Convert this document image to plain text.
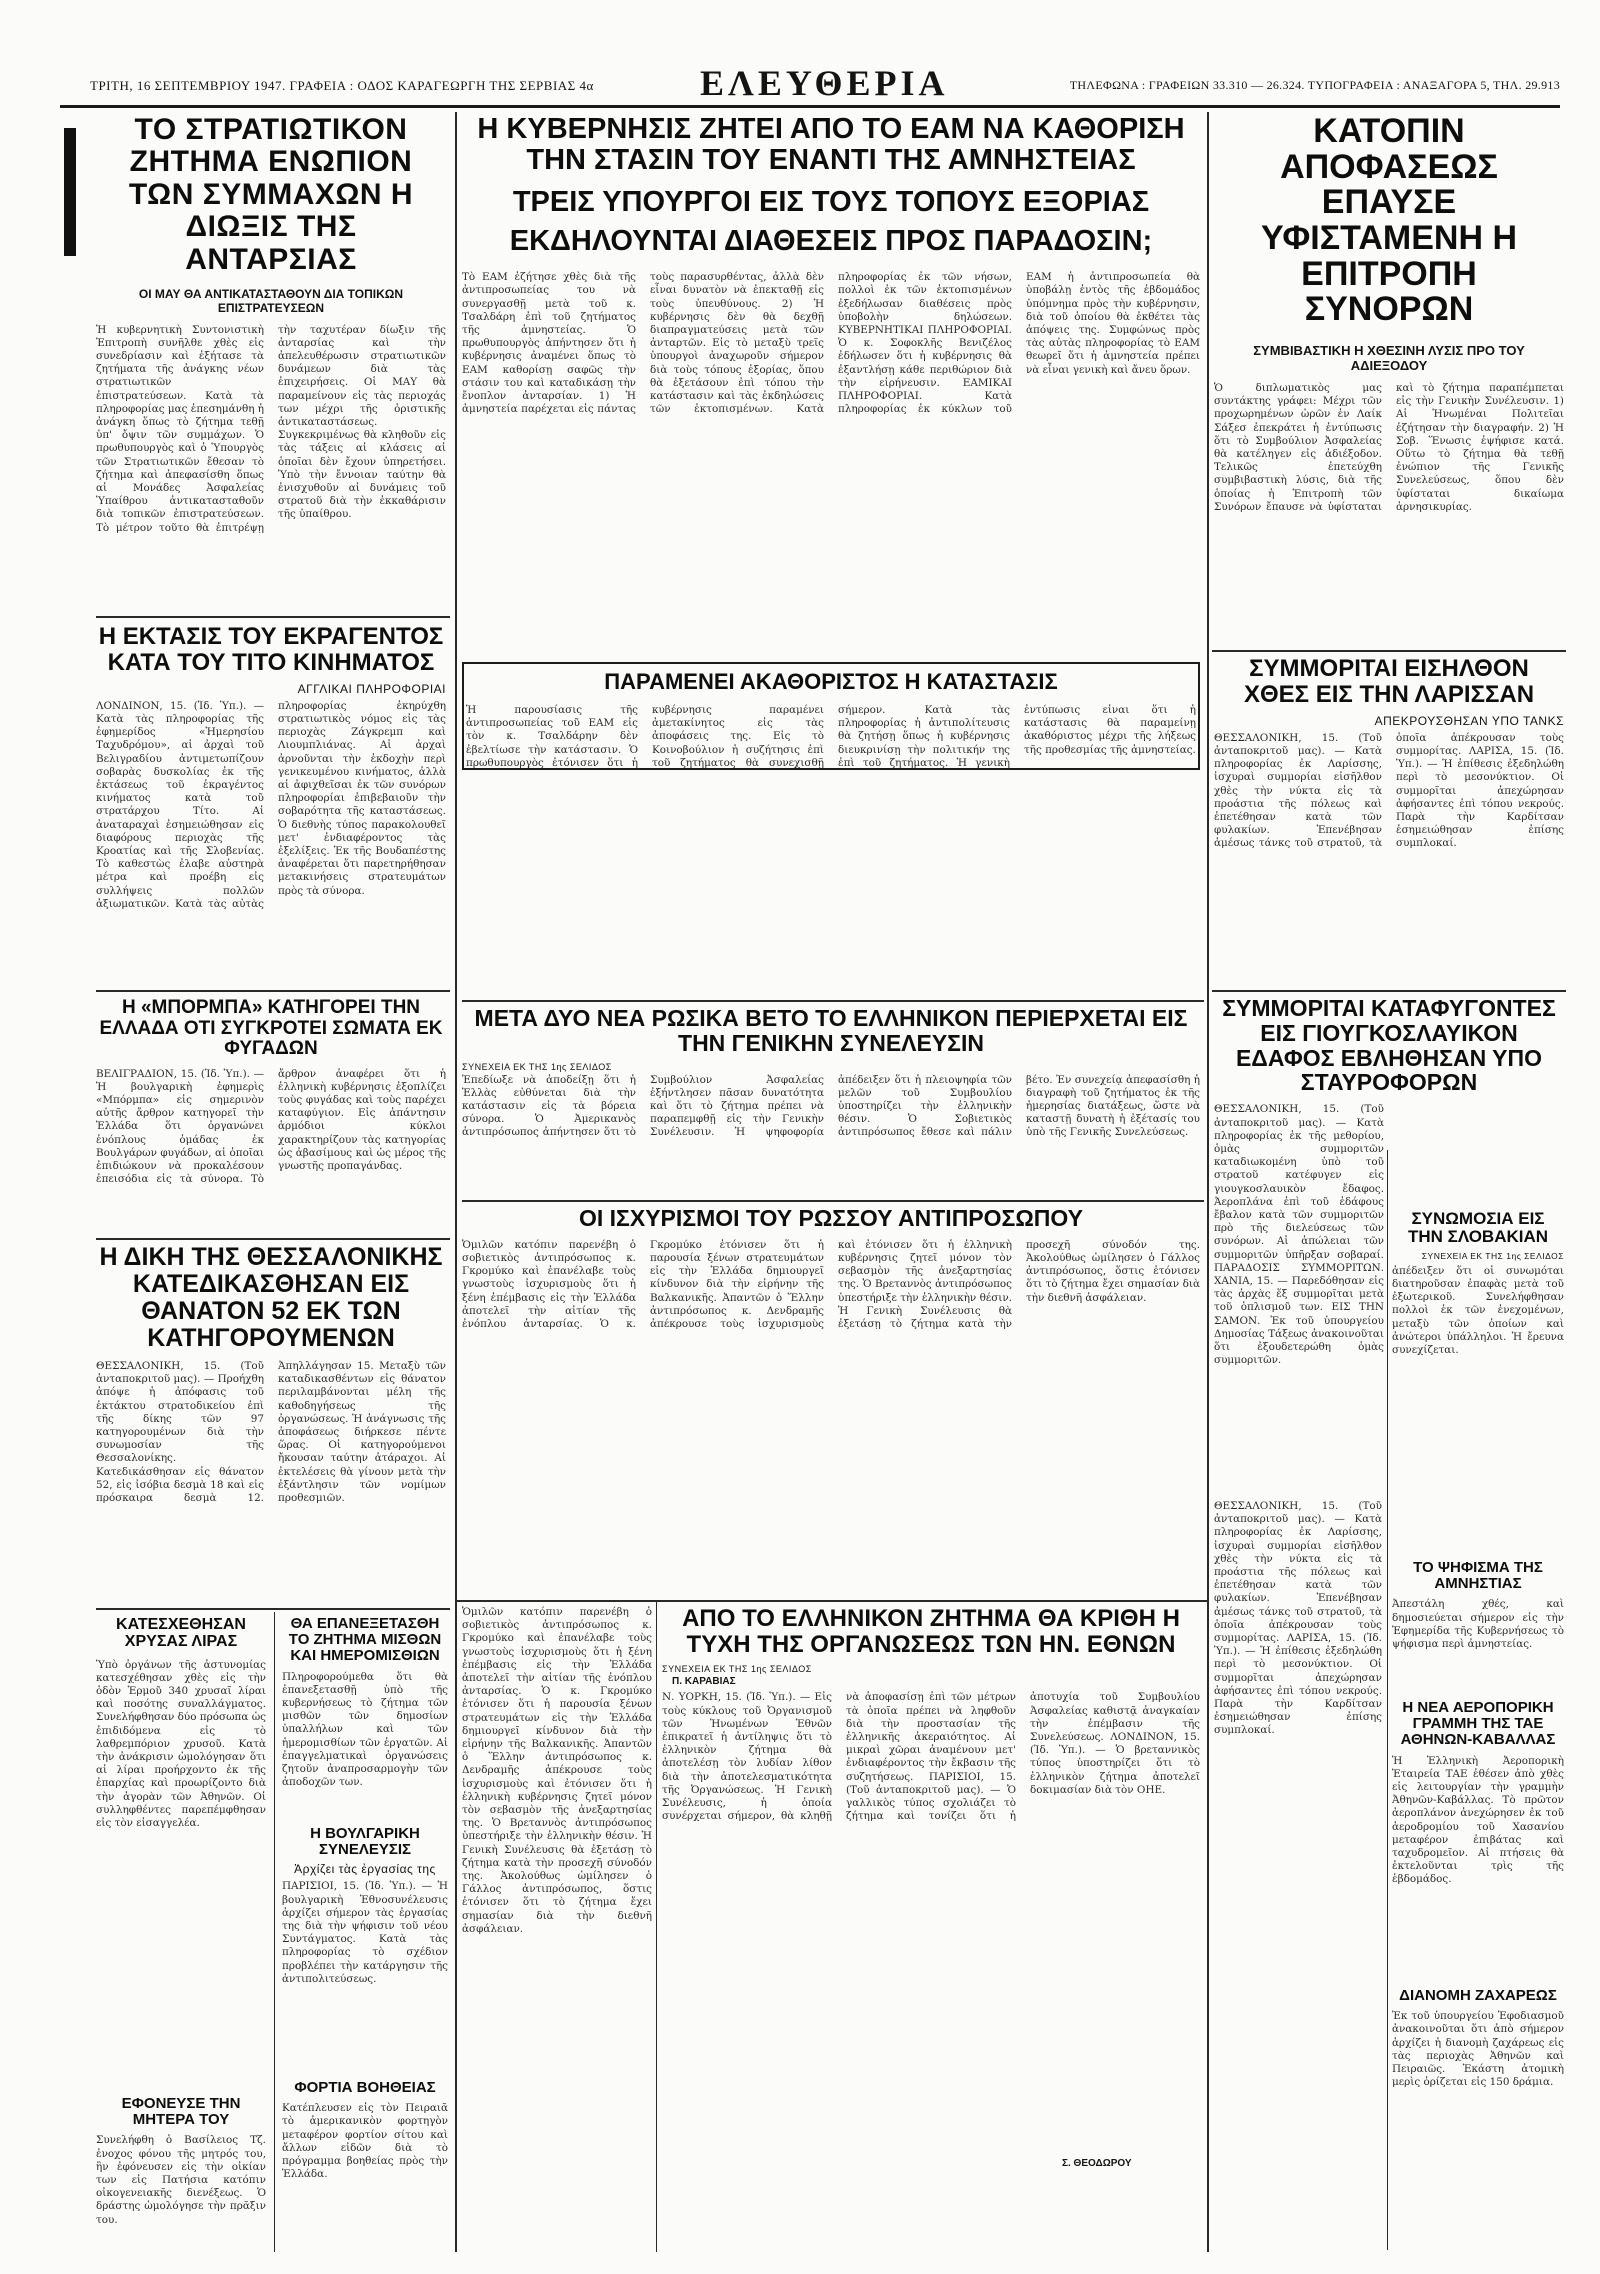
ΤΡΙΤΗ, 16 ΣΕΠΤΕΜΒΡΙΟΥ 1947. ΓΡΑΦΕΙΑ : ΟΔΟΣ ΚΑΡΑΓΕΩΡΓΗ ΤΗΣ ΣΕΡΒΙΑΣ 4α	ΕΛΕΥΘΕΡΙΑ	ΤΗΛΕΦΩΝΑ : ΓΡΑΦΕΙΩΝ 33.310 — 26.324. ΤΥΠΟΓΡΑΦΕΙΑ : ΑΝΑΞΑΓΟΡΑ 5, ΤΗΛ. 29.913
ΤΟ ΣΤΡΑΤΙΩΤΙΚΟΝ ΖΗΤΗΜΑ ΕΝΩΠΙΟΝ ΤΩΝ ΣΥΜΜΑΧΩΝ Η ΔΙΩΞΙΣ ΤΗΣ ΑΝΤΑΡΣΙΑΣ
ΟΙ ΜΑΥ ΘΑ ΑΝΤΙΚΑΤΑΣΤΑΘΟΥΝ ΔΙΑ ΤΟΠΙΚΩΝ ΕΠΙΣΤΡΑΤΕΥΣΕΩΝ
Ἡ κυβερνητικὴ Συντονιστικὴ Ἐπιτροπὴ συνῆλθε χθὲς εἰς συνεδρίασιν καὶ ἐξήτασε τὰ ζητήματα τῆς ἀνάγκης νέων στρατιωτικῶν ἐπιστρατεύσεων. Κατὰ τὰ πληροφορίας μας ἐπεσημάνθη ἡ ἀνάγκη ὅπως τὸ ζήτημα τεθῇ ὑπ' ὄψιν τῶν συμμάχων. Ὁ πρωθυπουργὸς καὶ ὁ Ὑπουργὸς τῶν Στρατιωτικῶν ἔθεσαν τὸ ζήτημα καὶ ἀπεφασίσθη ὅπως αἱ Μονάδες Ἀσφαλείας Ὑπαίθρου ἀντικατασταθοῦν διὰ τοπικῶν ἐπιστρατεύσεων. Τὸ μέτρον τοῦτο θὰ ἐπιτρέψῃ τὴν ταχυτέραν δίωξιν τῆς ἀνταρσίας καὶ τὴν ἀπελευθέρωσιν στρατιωτικῶν δυνάμεων διὰ τὰς ἐπιχειρήσεις. Οἱ ΜΑΥ θὰ παραμείνουν εἰς τὰς περιοχάς των μέχρι τῆς ὁριστικῆς ἀντικαταστάσεως. Συγκεκριμένως θὰ κληθοῦν εἰς τὰς τάξεις αἱ κλάσεις αἱ ὁποῖαι δὲν ἔχουν ὑπηρετήσει. Ὑπὸ τὴν ἔννοιαν ταύτην θὰ ἐνισχυθοῦν αἱ δυνάμεις τοῦ στρατοῦ διὰ τὴν ἐκκαθάρισιν τῆς ὑπαίθρου.
Η ΕΚΤΑΣΙΣ ΤΟΥ ΕΚΡΑΓΕΝΤΟΣ ΚΑΤΑ ΤΟΥ ΤΙΤΟ ΚΙΝΗΜΑΤΟΣ
ΑΓΓΛΙΚΑΙ ΠΛΗΡΟΦΟΡΙΑΙ
ΛΟΝΔΙΝΟΝ, 15. (Ἰδ. Ὑπ.). — Κατὰ τὰς πληροφορίας τῆς ἐφημερίδος «Ἡμερησίου Ταχυδρόμου», αἱ ἀρχαὶ τοῦ Βελιγραδίου ἀντιμετωπίζουν σοβαρὰς δυσκολίας ἐκ τῆς ἐκτάσεως τοῦ ἐκραγέντος κινήματος κατὰ τοῦ στρατάρχου Τίτο. Αἱ ἀναταραχαὶ ἐσημειώθησαν εἰς διαφόρους περιοχὰς τῆς Κροατίας καὶ τῆς Σλοβενίας. Τὸ καθεστὼς ἐλαβε αὐστηρὰ μέτρα καὶ προέβη εἰς συλλήψεις πολλῶν ἀξιωματικῶν. Κατὰ τὰς αὐτὰς πληροφορίας ἐκηρύχθη στρατιωτικὸς νόμος εἰς τὰς περιοχὰς Ζάγκρεμπ καὶ Λιουμπλιάνας. Αἱ ἀρχαὶ ἀρνοῦνται τὴν ἐκδοχὴν περὶ γενικευμένου κινήματος, ἀλλὰ αἱ ἀφιχθεῖσαι ἐκ τῶν συνόρων πληροφορίαι ἐπιβεβαιοῦν τὴν σοβαρότητα τῆς καταστάσεως. Ὁ διεθνὴς τύπος παρακολουθεῖ μετ' ἐνδιαφέροντος τὰς ἐξελίξεις. Ἐκ τῆς Βουδαπέστης ἀναφέρεται ὅτι παρετηρήθησαν μετακινήσεις στρατευμάτων πρὸς τὰ σύνορα.
Η «ΜΠΟΡΜΠΑ» ΚΑΤΗΓΟΡΕΙ ΤΗΝ ΕΛΛΑΔΑ ΟΤΙ ΣΥΓΚΡΟΤΕΙ ΣΩΜΑΤΑ ΕΚ ΦΥΓΑΔΩΝ
ΒΕΛΙΓΡΑΔΙΟΝ, 15. (Ἰδ. Ὑπ.). — Ἡ βουλγαρικὴ ἐφημερὶς «Μπόρμπα» εἰς σημερινὸν αὐτῆς ἄρθρον κατηγορεῖ τὴν Ἑλλάδα ὅτι ὀργανώνει ἐνόπλους ὁμάδας ἐκ Βουλγάρων φυγάδων, αἱ ὁποῖαι ἐπιδιώκουν νὰ προκαλέσουν ἐπεισόδια εἰς τὰ σύνορα. Τὸ ἄρθρον ἀναφέρει ὅτι ἡ ἑλληνικὴ κυβέρνησις ἐξοπλίζει τοὺς φυγάδας καὶ τοὺς παρέχει καταφύγιον. Εἰς ἀπάντησιν ἁρμόδιοι κύκλοι χαρακτηρίζουν τὰς κατηγορίας ὡς ἀβασίμους καὶ ὡς μέρος τῆς γνωστῆς προπαγάνδας.
Η ΔΙΚΗ ΤΗΣ ΘΕΣΣΑΛΟΝΙΚΗΣ ΚΑΤΕΔΙΚΑΣΘΗΣΑΝ ΕΙΣ ΘΑΝΑΤΟΝ 52 ΕΚ ΤΩΝ ΚΑΤΗΓΟΡΟΥΜΕΝΩΝ
ΘΕΣΣΑΛΟΝΙΚΗ, 15. (Τοῦ ἀνταποκριτοῦ μας). — Προήχθη ἀπόψε ἡ ἀπόφασις τοῦ ἐκτάκτου στρατοδικείου ἐπὶ τῆς δίκης τῶν 97 κατηγορουμένων διὰ τὴν συνωμοσίαν τῆς Θεσσαλονίκης. Κατεδικάσθησαν εἰς θάνατον 52, εἰς ἰσόβια δεσμὰ 18 καὶ εἰς πρόσκαιρα δεσμὰ 12. Ἀπηλλάγησαν 15. Μεταξὺ τῶν καταδικασθέντων εἰς θάνατον περιλαμβάνονται μέλη τῆς καθοδηγήσεως τῆς ὀργανώσεως. Ἡ ἀνάγνωσις τῆς ἀποφάσεως διήρκεσε πέντε ὥρας. Οἱ κατηγορούμενοι ἤκουσαν ταύτην ἀτάραχοι. Αἱ ἐκτελέσεις θὰ γίνουν μετὰ τὴν ἐξάντλησιν τῶν νομίμων προθεσμιῶν.
ΚΑΤΕΣΧΕΘΗΣΑΝ ΧΡΥΣΑΣ ΛΙΡΑΣ
Ὑπὸ ὀργάνων τῆς ἀστυνομίας κατεσχέθησαν χθὲς εἰς τὴν ὁδὸν Ἑρμοῦ 340 χρυσαῖ λίραι καὶ ποσότης συναλλάγματος. Συνελήφθησαν δύο πρόσωπα ὡς ἐπιδιδόμενα εἰς τὸ λαθρεμπόριον χρυσοῦ. Κατὰ τὴν ἀνάκρισιν ὡμολόγησαν ὅτι αἱ λίραι προήρχοντο ἐκ τῆς ἐπαρχίας καὶ προωρίζοντο διὰ τὴν ἀγορὰν τῶν Ἀθηνῶν. Οἱ συλληφθέντες παρεπέμφθησαν εἰς τὸν εἰσαγγελέα.
ΕΦΟΝΕΥΣΕ ΤΗΝ ΜΗΤΕΡΑ ΤΟΥ
Συνελήφθη ὁ Βασίλειος Τζ. ἐνοχος φόνου τῆς μητρός του, ἣν ἐφόνευσεν εἰς τὴν οἰκίαν των εἰς Πατήσια κατόπιν οἰκογενειακῆς διενέξεως. Ὁ δράστης ὡμολόγησε τὴν πρᾶξιν του.
ΘΑ ΕΠΑΝΕΞΕΤΑΣΘΗ ΤΟ ΖΗΤΗΜΑ ΜΙΣΘΩΝ ΚΑΙ ΗΜΕΡΟΜΙΣΘΙΩΝ
Πληροφορούμεθα ὅτι θὰ ἐπανεξετασθῇ ὑπὸ τῆς κυβερνήσεως τὸ ζήτημα τῶν μισθῶν τῶν δημοσίων ὑπαλλήλων καὶ τῶν ἡμερομισθίων τῶν ἐργατῶν. Αἱ ἐπαγγελματικαὶ ὀργανώσεις ζητοῦν ἀναπροσαρμογὴν τῶν ἀποδοχῶν των.
Η ΒΟΥΛΓΑΡΙΚΗ ΣΥΝΕΛΕΥΣΙΣ
Ἀρχίζει τὰς ἐργασίας της
ΠΑΡΙΣΙΟΙ, 15. (Ἰδ. Ὑπ.). — Ἡ βουλγαρικὴ Ἐθνοσυνέλευσις ἀρχίζει σήμερον τὰς ἐργασίας της διὰ τὴν ψήφισιν τοῦ νέου Συντάγματος. Κατὰ τὰς πληροφορίας τὸ σχέδιον προβλέπει τὴν κατάργησιν τῆς ἀντιπολιτεύσεως.
ΦΟΡΤΙΑ ΒΟΗΘΕΙΑΣ
Κατέπλευσεν εἰς τὸν Πειραιᾶ τὸ ἀμερικανικὸν φορτηγὸν μεταφέρον φορτίον σίτου καὶ ἄλλων εἰδῶν διὰ τὸ πρόγραμμα βοηθείας πρὸς τὴν Ἑλλάδα.
Η ΚΥΒΕΡΝΗΣΙΣ ΖΗΤΕΙ ΑΠΟ ΤΟ ΕΑΜ ΝΑ ΚΑΘΟΡΙΣΗ ΤΗΝ ΣΤΑΣΙΝ ΤΟΥ ΕΝΑΝΤΙ ΤΗΣ ΑΜΝΗΣΤΕΙΑΣ
ΤΡΕΙΣ ΥΠΟΥΡΓΟΙ ΕΙΣ ΤΟΥΣ ΤΟΠΟΥΣ ΕΞΟΡΙΑΣ
ΕΚΔΗΛΟΥΝΤΑΙ ΔΙΑΘΕΣΕΙΣ ΠΡΟΣ ΠΑΡΑΔΟΣΙΝ;
Τὸ ΕΑΜ ἐζήτησε χθὲς διὰ τῆς ἀντιπροσωπείας του νὰ συνεργασθῇ μετὰ τοῦ κ. Τσαλδάρη ἐπὶ τοῦ ζητήματος τῆς ἀμνηστείας. Ὁ πρωθυπουργὸς ἀπήντησεν ὅτι ἡ κυβέρνησις ἀναμένει ὅπως τὸ ΕΑΜ καθορίσῃ σαφῶς τὴν στάσιν του καὶ καταδικάσῃ τὴν ἔνοπλον ἀνταρσίαν. 1) Ἡ ἀμνηστεία παρέχεται εἰς πάντας τοὺς παρασυρθέντας, ἀλλὰ δὲν εἶναι δυνατὸν νὰ ἐπεκταθῇ εἰς τοὺς ὑπευθύνους. 2) Ἡ κυβέρνησις δὲν θὰ δεχθῇ διαπραγματεύσεις μετὰ τῶν ἀνταρτῶν. Εἰς τὸ μεταξὺ τρεῖς ὑπουργοὶ ἀναχωροῦν σήμερον διὰ τοὺς τόπους ἐξορίας, ὅπου θὰ ἐξετάσουν ἐπὶ τόπου τὴν κατάστασιν καὶ τὰς ἐκδηλώσεις τῶν ἐκτοπισμένων. Κατὰ πληροφορίας ἐκ τῶν νήσων, πολλοὶ ἐκ τῶν ἐκτοπισμένων ἐξεδήλωσαν διαθέσεις πρὸς ὑποβολὴν δηλώσεων. ΚΥΒΕΡΝΗΤΙΚΑΙ ΠΛΗΡΟΦΟΡΙΑΙ. Ὁ κ. Σοφοκλῆς Βενιζέλος ἐδήλωσεν ὅτι ἡ κυβέρνησις θὰ ἐξαντλήσῃ κάθε περιθώριον διὰ τὴν εἰρήνευσιν. ΕΑΜΙΚΑΙ ΠΛΗΡΟΦΟΡΙΑΙ. Κατὰ πληροφορίας ἐκ κύκλων τοῦ ΕΑΜ ἡ ἀντιπροσωπεία θὰ ὑποβάλῃ ἐντὸς τῆς ἑβδομάδος ὑπόμνημα πρὸς τὴν κυβέρνησιν, διὰ τοῦ ὁποίου θὰ ἐκθέτει τὰς ἀπόψεις της. Συμφώνως πρὸς τὰς αὐτὰς πληροφορίας τὸ ΕΑΜ θεωρεῖ ὅτι ἡ ἀμνηστεία πρέπει νὰ εἶναι γενικὴ καὶ ἄνευ ὅρων.
ΠΑΡΑΜΕΝΕΙ ΑΚΑΘΟΡΙΣΤΟΣ Η ΚΑΤΑΣΤΑΣΙΣ
Ἡ παρουσίασις τῆς ἀντιπροσωπείας τοῦ ΕΑΜ εἰς τὸν κ. Τσαλδάρην δὲν ἐβελτίωσε τὴν κατάστασιν. Ὁ πρωθυπουργὸς ἐτόνισεν ὅτι ἡ κυβέρνησις παραμένει ἀμετακίνητος εἰς τὰς ἀποφάσεις της. Εἰς τὸ Κοινοβούλιον ἡ συζήτησις ἐπὶ τοῦ ζητήματος θὰ συνεχισθῇ σήμερον. Κατὰ τὰς πληροφορίας ἡ ἀντιπολίτευσις θὰ ζητήσῃ ὅπως ἡ κυβέρνησις διευκρινίσῃ τὴν πολιτικήν της ἐπὶ τοῦ ζητήματος. Ἡ γενικὴ ἐντύπωσις εἶναι ὅτι ἡ κατάστασις θὰ παραμείνῃ ἀκαθόριστος μέχρι τῆς λήξεως τῆς προθεσμίας τῆς ἀμνηστείας.
ΜΕΤΑ ΔΥΟ ΝΕΑ ΡΩΣΙΚΑ ΒΕΤΟ ΤΟ ΕΛΛΗΝΙΚΟΝ ΠΕΡΙΕΡΧΕΤΑΙ ΕΙΣ ΤΗΝ ΓΕΝΙΚΗΝ ΣΥΝΕΛΕΥΣΙΝ
ΣΥΝΕΧΕΙΑ ΕΚ ΤΗΣ 1ης ΣΕΛΙΔΟΣ
Ἐπεδίωξε νὰ ἀποδείξῃ ὅτι ἡ Ἑλλὰς εὐθύνεται διὰ τὴν κατάστασιν εἰς τὰ βόρεια σύνορα. Ὁ Ἀμερικανὸς ἀντιπρόσωπος ἀπήντησεν ὅτι τὸ Συμβούλιον Ἀσφαλείας ἐξήντλησεν πᾶσαν δυνατότητα καὶ ὅτι τὸ ζήτημα πρέπει νὰ παραπεμφθῇ εἰς τὴν Γενικὴν Συνέλευσιν. Ἡ ψηφοφορία ἀπέδειξεν ὅτι ἡ πλειοψηφία τῶν μελῶν τοῦ Συμβουλίου ὑποστηρίζει τὴν ἑλληνικὴν θέσιν. Ὁ Σοβιετικὸς ἀντιπρόσωπος ἔθεσε καὶ πάλιν βέτο. Ἐν συνεχείᾳ ἀπεφασίσθη ἡ διαγραφὴ τοῦ ζητήματος ἐκ τῆς ἡμερησίας διατάξεως, ὥστε νὰ καταστῇ δυνατὴ ἡ ἐξέτασίς του ὑπὸ τῆς Γενικῆς Συνελεύσεως.
ΟΙ ΙΣΧΥΡΙΣΜΟΙ ΤΟΥ ΡΩΣΣΟΥ ΑΝΤΙΠΡΟΣΩΠΟΥ
Ὁμιλῶν κατόπιν παρενέβη ὁ σοβιετικὸς ἀντιπρόσωπος κ. Γκρομύκο καὶ ἐπανέλαβε τοὺς γνωστοὺς ἰσχυρισμοὺς ὅτι ἡ ξένη ἐπέμβασις εἰς τὴν Ἑλλάδα ἀποτελεῖ τὴν αἰτίαν τῆς ἐνόπλου ἀνταρσίας. Ὁ κ. Γκρομύκο ἐτόνισεν ὅτι ἡ παρουσία ξένων στρατευμάτων εἰς τὴν Ἑλλάδα δημιουργεῖ κίνδυνον διὰ τὴν εἰρήνην τῆς Βαλκανικῆς. Ἀπαντῶν ὁ Ἕλλην ἀντιπρόσωπος κ. Δενδραμῆς ἀπέκρουσε τοὺς ἰσχυρισμοὺς καὶ ἐτόνισεν ὅτι ἡ ἑλληνικὴ κυβέρνησις ζητεῖ μόνον τὸν σεβασμὸν τῆς ἀνεξαρτησίας της. Ὁ Βρεταννὸς ἀντιπρόσωπος ὑπεστήριξε τὴν ἑλληνικὴν θέσιν. Ἡ Γενικὴ Συνέλευσις θὰ ἐξετάσῃ τὸ ζήτημα κατὰ τὴν προσεχῆ σύνοδόν της. Ἀκολούθως ὡμίλησεν ὁ Γάλλος ἀντιπρόσωπος, ὅστις ἐτόνισεν ὅτι τὸ ζήτημα ἔχει σημασίαν διὰ τὴν διεθνῆ ἀσφάλειαν.
ΑΠΟ ΤΟ ΕΛΛΗΝΙΚΟΝ ΖΗΤΗΜΑ ΘΑ ΚΡΙΘΗ Η ΤΥΧΗ ΤΗΣ ΟΡΓΑΝΩΣΕΩΣ ΤΩΝ ΗΝ. ΕΘΝΩΝ
ΣΥΝΕΧΕΙΑ ΕΚ ΤΗΣ 1ης ΣΕΛΙΔΟΣ
Π. ΚΑΡΑΒΙΑΣ
Ν. ΥΟΡΚΗ, 15. (Ἰδ. Ὑπ.). — Εἰς τοὺς κύκλους τοῦ Ὀργανισμοῦ τῶν Ἡνωμένων Ἐθνῶν ἐπικρατεῖ ἡ ἀντίληψις ὅτι τὸ ἑλληνικὸν ζήτημα θὰ ἀποτελέσῃ τὸν λυδίαν λίθον διὰ τὴν ἀποτελεσματικότητα τῆς Ὀργανώσεως. Ἡ Γενικὴ Συνέλευσις, ἡ ὁποία συνέρχεται σήμερον, θὰ κληθῇ νὰ ἀποφασίσῃ ἐπὶ τῶν μέτρων τὰ ὁποῖα πρέπει νὰ ληφθοῦν διὰ τὴν προστασίαν τῆς ἑλληνικῆς ἀκεραιότητος. Αἱ μικραὶ χῶραι ἀναμένουν μετ' ἐνδιαφέροντος τὴν ἔκβασιν τῆς συζητήσεως. ΠΑΡΙΣΙΟΙ, 15. (Τοῦ ἀνταποκριτοῦ μας). — Ὁ γαλλικὸς τύπος σχολιάζει τὸ ζήτημα καὶ τονίζει ὅτι ἡ ἀποτυχία τοῦ Συμβουλίου Ἀσφαλείας καθιστᾷ ἀναγκαίαν τὴν ἐπέμβασιν τῆς Συνελεύσεως. ΛΟΝΔΙΝΟΝ, 15. (Ἰδ. Ὑπ.). — Ὁ βρεταννικὸς τύπος ὑποστηρίζει ὅτι τὸ ἑλληνικὸν ζήτημα ἀποτελεῖ δοκιμασίαν διὰ τὸν ΟΗΕ.
Σ. ΘΕΟΔΩΡΟΥ
Ὁμιλῶν κατόπιν παρενέβη ὁ σοβιετικὸς ἀντιπρόσωπος κ. Γκρομύκο καὶ ἐπανέλαβε τοὺς γνωστοὺς ἰσχυρισμοὺς ὅτι ἡ ξένη ἐπέμβασις εἰς τὴν Ἑλλάδα ἀποτελεῖ τὴν αἰτίαν τῆς ἐνόπλου ἀνταρσίας. Ὁ κ. Γκρομύκο ἐτόνισεν ὅτι ἡ παρουσία ξένων στρατευμάτων εἰς τὴν Ἑλλάδα δημιουργεῖ κίνδυνον διὰ τὴν εἰρήνην τῆς Βαλκανικῆς. Ἀπαντῶν ὁ Ἕλλην ἀντιπρόσωπος κ. Δενδραμῆς ἀπέκρουσε τοὺς ἰσχυρισμοὺς καὶ ἐτόνισεν ὅτι ἡ ἑλληνικὴ κυβέρνησις ζητεῖ μόνον τὸν σεβασμὸν τῆς ἀνεξαρτησίας της. Ὁ Βρεταννὸς ἀντιπρόσωπος ὑπεστήριξε τὴν ἑλληνικὴν θέσιν. Ἡ Γενικὴ Συνέλευσις θὰ ἐξετάσῃ τὸ ζήτημα κατὰ τὴν προσεχῆ σύνοδόν της. Ἀκολούθως ὡμίλησεν ὁ Γάλλος ἀντιπρόσωπος, ὅστις ἐτόνισεν ὅτι τὸ ζήτημα ἔχει σημασίαν διὰ τὴν διεθνῆ ἀσφάλειαν.
ΚΑΤΟΠΙΝ ΑΠΟΦΑΣΕΩΣ ΕΠΑΥΣΕ ΥΦΙΣΤΑΜΕΝΗ Η ΕΠΙΤΡΟΠΗ ΣΥΝΟΡΩΝ
ΣΥΜΒΙΒΑΣΤΙΚΗ Η ΧΘΕΣΙΝΗ ΛΥΣΙΣ ΠΡΟ ΤΟΥ ΑΔΙΕΞΟΔΟΥ
Ὁ διπλωματικὸς μας συντάκτης γράφει: Μέχρι τῶν προχωρημένων ὡρῶν ἐν Λαίκ Σάξεσ ἐπεκράτει ἡ ἐντύπωσις ὅτι τὸ Συμβούλιον Ἀσφαλείας θὰ κατέληγεν εἰς ἀδιέξοδον. Τελικῶς ἐπετεύχθη συμβιβαστικὴ λύσις, διὰ τῆς ὁποίας ἡ Ἐπιτροπὴ τῶν Συνόρων ἔπαυσε νὰ ὑφίσταται καὶ τὸ ζήτημα παραπέμπεται εἰς τὴν Γενικὴν Συνέλευσιν. 1) Αἱ Ἡνωμέναι Πολιτεῖαι ἐζήτησαν τὴν διαγραφήν. 2) Ἡ Σοβ. Ἕνωσις ἐψήφισε κατά. Οὕτω τὸ ζήτημα θὰ τεθῇ ἐνώπιον τῆς Γενικῆς Συνελεύσεως, ὅπου δὲν ὑφίσταται δικαίωμα ἀρνησικυρίας.
ΣΥΜΜΟΡΙΤΑΙ ΕΙΣΗΛΘΟΝ ΧΘΕΣ ΕΙΣ ΤΗΝ ΛΑΡΙΣΣΑΝ
ΑΠΕΚΡΟΥΣΘΗΣΑΝ ΥΠΟ ΤΑΝΚΣ
ΘΕΣΣΑΛΟΝΙΚΗ, 15. (Τοῦ ἀνταποκριτοῦ μας). — Κατὰ πληροφορίας ἐκ Λαρίσσης, ἰσχυραὶ συμμορίαι εἰσῆλθον χθὲς τὴν νύκτα εἰς τὰ προάστια τῆς πόλεως καὶ ἐπετέθησαν κατὰ τῶν φυλακίων. Ἐπενέβησαν ἀμέσως τάνκς τοῦ στρατοῦ, τὰ ὁποῖα ἀπέκρουσαν τοὺς συμμορίτας. ΛΑΡΙΣΑ, 15. (Ἰδ. Ὑπ.). — Ἡ ἐπίθεσις ἐξεδηλώθη περὶ τὸ μεσονύκτιον. Οἱ συμμορῖται ἀπεχώρησαν ἀφήσαντες ἐπὶ τόπου νεκρούς. Παρὰ τὴν Καρδίτσαν ἐσημειώθησαν ἐπίσης συμπλοκαί.
ΣΥΜΜΟΡΙΤΑΙ ΚΑΤΑΦΥΓΟΝΤΕΣ ΕΙΣ ΓΙΟΥΓΚΟΣΛΑΥΙΚΟΝ ΕΔΑΦΟΣ ΕΒΛΗΘΗΣΑΝ ΥΠΟ ΣΤΑΥΡΟΦΟΡΩΝ
ΘΕΣΣΑΛΟΝΙΚΗ, 15. (Τοῦ ἀνταποκριτοῦ μας). — Κατὰ πληροφορίας ἐκ τῆς μεθορίου, ὁμὰς συμμοριτῶν καταδιωκομένη ὑπὸ τοῦ στρατοῦ κατέφυγεν εἰς γιουγκοσλαυικὸν ἔδαφος. Ἀεροπλάνα ἐπὶ τοῦ ἐδάφους ἔβαλον κατὰ τῶν συμμοριτῶν πρὸ τῆς διελεύσεως τῶν συνόρων. Αἱ ἀπώλειαι τῶν συμμοριτῶν ὑπῆρξαν σοβαραί. ΠΑΡΑΔΟΣΙΣ ΣΥΜΜΟΡΙΤΩΝ. ΧΑΝΙΑ, 15. — Παρεδόθησαν εἰς τὰς ἀρχὰς ἕξ συμμορῖται μετὰ τοῦ ὁπλισμοῦ των. ΕΙΣ ΤΗΝ ΣΑΜΟΝ. Ἐκ τοῦ ὑπουργείου Δημοσίας Τάξεως ἀνακοινοῦται ὅτι ἐξουδετερώθη ὁμὰς συμμοριτῶν.
ΣΥΝΩΜΟΣΙΑ ΕΙΣ ΤΗΝ ΣΛΟΒΑΚΙΑΝ
ΣΥΝΕΧΕΙΑ ΕΚ ΤΗΣ 1ης ΣΕΛΙΔΟΣ
ἀπέδειξεν ὅτι οἱ συνωμόται διατηροῦσαν ἐπαφὰς μετὰ τοῦ ἐξωτερικοῦ. Συνελήφθησαν πολλοὶ ἐκ τῶν ἐνεχομένων, μεταξὺ τῶν ὁποίων καὶ ἀνώτεροι ὑπάλληλοι. Ἡ ἔρευνα συνεχίζεται.
ΤΟ ΨΗΦΙΣΜΑ ΤΗΣ ΑΜΝΗΣΤΙΑΣ
Ἀπεστάλη χθές, καὶ δημοσιεύεται σήμερον εἰς τὴν Ἐφημερίδα τῆς Κυβερνήσεως τὸ ψήφισμα περὶ ἀμνηστείας.
Η ΝΕΑ ΑΕΡΟΠΟΡΙΚΗ ΓΡΑΜΜΗ ΤΗΣ ΤΑΕ ΑΘΗΝΩΝ-ΚΑΒΑΛΛΑΣ
Ἡ Ἑλληνικὴ Ἀεροπορικὴ Ἑταιρεία ΤΑΕ ἐθέσεν ἀπὸ χθὲς εἰς λειτουργίαν τὴν γραμμὴν Ἀθηνῶν-Καβάλλας. Τὸ πρῶτον ἀεροπλάνον ἀνεχώρησεν ἐκ τοῦ ἀεροδρομίου τοῦ Χασανίου μεταφέρον ἐπιβάτας καὶ ταχυδρομεῖον. Αἱ πτήσεις θὰ ἐκτελοῦνται τρὶς τῆς ἑβδομάδος.
ΔΙΑΝΟΜΗ ΖΑΧΑΡΕΩΣ
Ἐκ τοῦ ὑπουργείου Ἐφοδιασμοῦ ἀνακοινοῦται ὅτι ἀπὸ σήμερον ἀρχίζει ἡ διανομὴ ζαχάρεως εἰς τὰς περιοχὰς Ἀθηνῶν καὶ Πειραιῶς. Ἑκάστη ἀτομικὴ μερὶς ὁρίζεται εἰς 150 δράμια.
ΘΕΣΣΑΛΟΝΙΚΗ, 15. (Τοῦ ἀνταποκριτοῦ μας). — Κατὰ πληροφορίας ἐκ Λαρίσσης, ἰσχυραὶ συμμορίαι εἰσῆλθον χθὲς τὴν νύκτα εἰς τὰ προάστια τῆς πόλεως καὶ ἐπετέθησαν κατὰ τῶν φυλακίων. Ἐπενέβησαν ἀμέσως τάνκς τοῦ στρατοῦ, τὰ ὁποῖα ἀπέκρουσαν τοὺς συμμορίτας. ΛΑΡΙΣΑ, 15. (Ἰδ. Ὑπ.). — Ἡ ἐπίθεσις ἐξεδηλώθη περὶ τὸ μεσονύκτιον. Οἱ συμμορῖται ἀπεχώρησαν ἀφήσαντες ἐπὶ τόπου νεκρούς. Παρὰ τὴν Καρδίτσαν ἐσημειώθησαν ἐπίσης συμπλοκαί.
